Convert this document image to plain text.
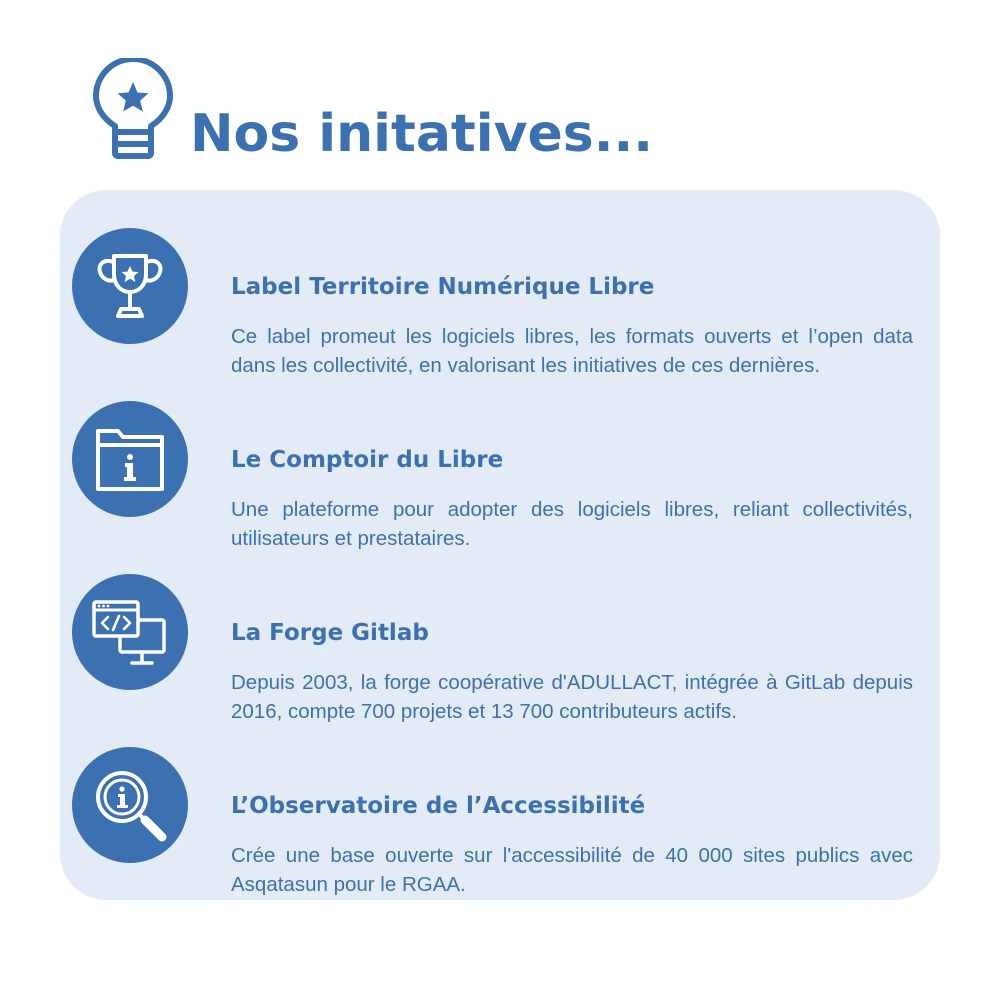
Nos initatives...
Label Territoire Numérique Libre

Ce label promeut les logiciels libres, les formats ouverts et l’open data dans les collectivité, en valorisant les initiatives de ces dernières.

Le Comptoir du Libre

Une plateforme pour adopter des logiciels libres, reliant collectivités, utilisateurs et prestataires.

La Forge Gitlab

Depuis 2003, la forge coopérative d'ADULLACT, intégrée à GitLab depuis 2016, compte 700 projets et 13 700 contributeurs actifs.

L’Observatoire de l’Accessibilité

Crée une base ouverte sur l'accessibilité de 40 000 sites publics avec Asqatasun pour le RGAA.
